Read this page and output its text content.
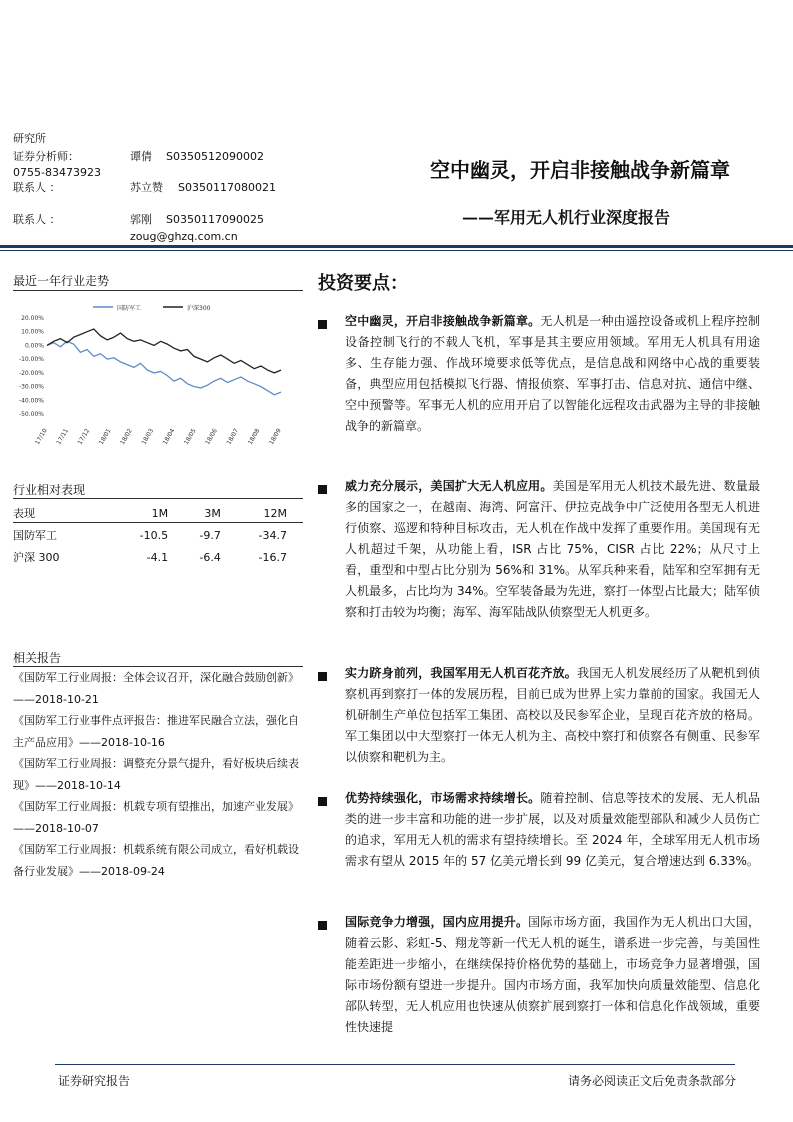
研究所
证券分析师：	谭倩 S0350512090002
0755-83473923
联系人 ：	苏立赞 S0350117080021
联系人 ：	郭刚 S0350117090025
zoug@ghzq.com.cn
空中幽灵，开启非接触战争新篇章
——军用无人机行业深度报告
最近一年行业走势
国防军工	沪深300
20.00%
10.00%
0.00%
-10.00%
-20.00%
-30.00%
-40.00%
-50.00%
17/10 17/11 17/12 18/01 18/02 18/03 18/04 18/05 18/06 18/07 18/08 18/09
行业相对表现
表现	1M	3M	12M
国防军工	-10.5	-9.7	-34.7
沪深 300	-4.1	-6.4	-16.7
相关报告
《国防军工行业周报：全体会议召开，深化融合鼓励创新》——2018-10-21
《国防军工行业事件点评报告：推进军民融合立法，强化自主产品应用》——2018-10-16
《国防军工行业周报：调整充分景气提升，看好板块后续表现》——2018-10-14
《国防军工行业周报：机载专项有望推出，加速产业发展》——2018-10-07
《国防军工行业周报：机载系统有限公司成立，看好机载设备行业发展》——2018-09-24
投资要点：
空中幽灵，开启非接触战争新篇章。无人机是一种由遥控设备或机上程序控制设备控制飞行的不载人飞机，军事是其主要应用领域。军用无人机具有用途多、生存能力强、作战环境要求低等优点，是信息战和网络中心战的重要装备，典型应用包括模拟飞行器、情报侦察、军事打击、信息对抗、通信中继、空中预警等。军事无人机的应用开启了以智能化远程攻击武器为主导的非接触战争的新篇章。
威力充分展示，美国扩大无人机应用。美国是军用无人机技术最先进、数量最多的国家之一，在越南、海湾、阿富汗、伊拉克战争中广泛使用各型无人机进行侦察、巡逻和特种目标攻击，无人机在作战中发挥了重要作用。美国现有无人机超过千架，从功能上看，ISR 占比 75%，CISR 占比 22%；从尺寸上看，重型和中型占比分别为 56%和 31%。从军兵种来看，陆军和空军拥有无人机最多，占比均为 34%。空军装备最为先进，察打一体型占比最大；陆军侦察和打击较为均衡；海军、海军陆战队侦察型无人机更多。
实力跻身前列，我国军用无人机百花齐放。我国无人机发展经历了从靶机到侦察机再到察打一体的发展历程，目前已成为世界上实力靠前的国家。我国无人机研制生产单位包括军工集团、高校以及民参军企业，呈现百花齐放的格局。军工集团以中大型察打一体无人机为主、高校中察打和侦察各有侧重、民参军以侦察和靶机为主。
优势持续强化，市场需求持续增长。随着控制、信息等技术的发展、无人机品类的进一步丰富和功能的进一步扩展，以及对质量效能型部队和减少人员伤亡的追求，军用无人机的需求有望持续增长。至 2024 年，全球军用无人机市场需求有望从 2015 年的 57 亿美元增长到 99 亿美元，复合增速达到 6.33%。
国际竞争力增强，国内应用提升。国际市场方面，我国作为无人机出口大国，随着云影、彩虹-5、翔龙等新一代无人机的诞生，谱系进一步完善，与美国性能差距进一步缩小，在继续保持价格优势的基础上，市场竞争力显著增强，国际市场份额有望进一步提升。国内市场方面，我军加快向质量效能型、信息化部队转型，无人机应用也快速从侦察扩展到察打一体和信息化作战领域，重要性快速提
证券研究报告	请务必阅读正文后免责条款部分
